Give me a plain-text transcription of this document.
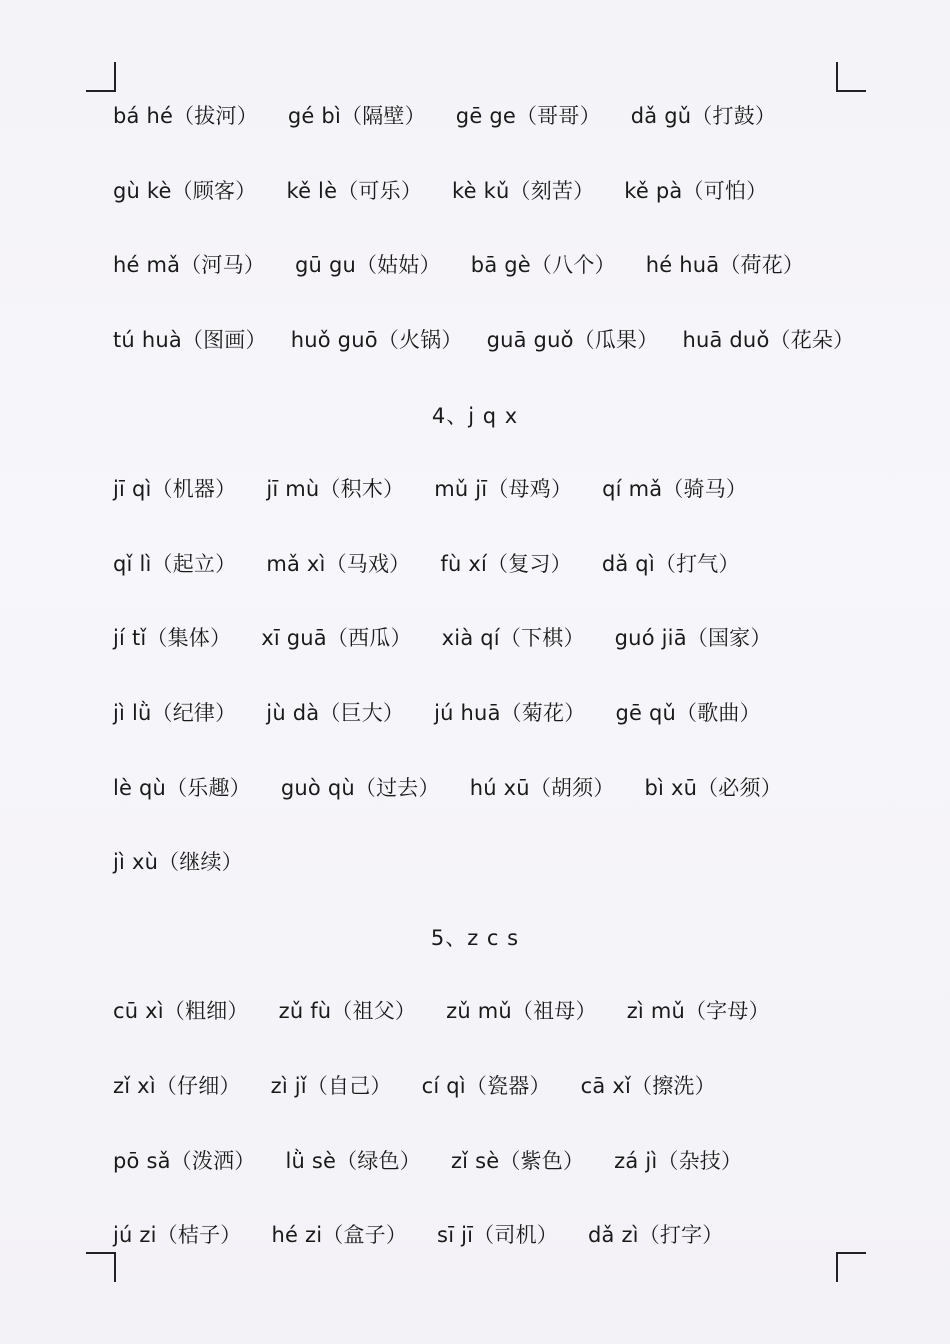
bá hé（拔河） gé bì（隔壁） gē ge（哥哥） dǎ gǔ（打鼓）
gù kè（顾客） kě lè（可乐） kè kǔ（刻苦） kě pà（可怕）
hé mǎ（河马） gū gu（姑姑） bā gè（八个） hé huā（荷花）
tú huà（图画） huǒ guō（火锅） guā guǒ（瓜果） huā duǒ（花朵）
4、j q x
jī qì（机器） jī mù（积木） mǔ jī（母鸡） qí mǎ（骑马）
qǐ lì（起立） mǎ xì（马戏） fù xí（复习） dǎ qì（打气）
jí tǐ（集体） xī guā（西瓜） xià qí（下棋） guó jiā（国家）
jì lǜ（纪律） jù dà（巨大） jú huā（菊花） gē qǔ（歌曲）
lè qù（乐趣） guò qù（过去） hú xū（胡须） bì xū（必须）
jì xù（继续）
5、z c s
cū xì（粗细） zǔ fù（祖父） zǔ mǔ（祖母） zì mǔ（字母）
zǐ xì（仔细） zì jǐ（自己） cí qì（瓷器） cā xǐ（擦洗）
pō sǎ（泼洒） lǜ sè（绿色） zǐ sè（紫色） zá jì（杂技）
jú zi（桔子） hé zi（盒子） sī jī（司机） dǎ zì（打字）
